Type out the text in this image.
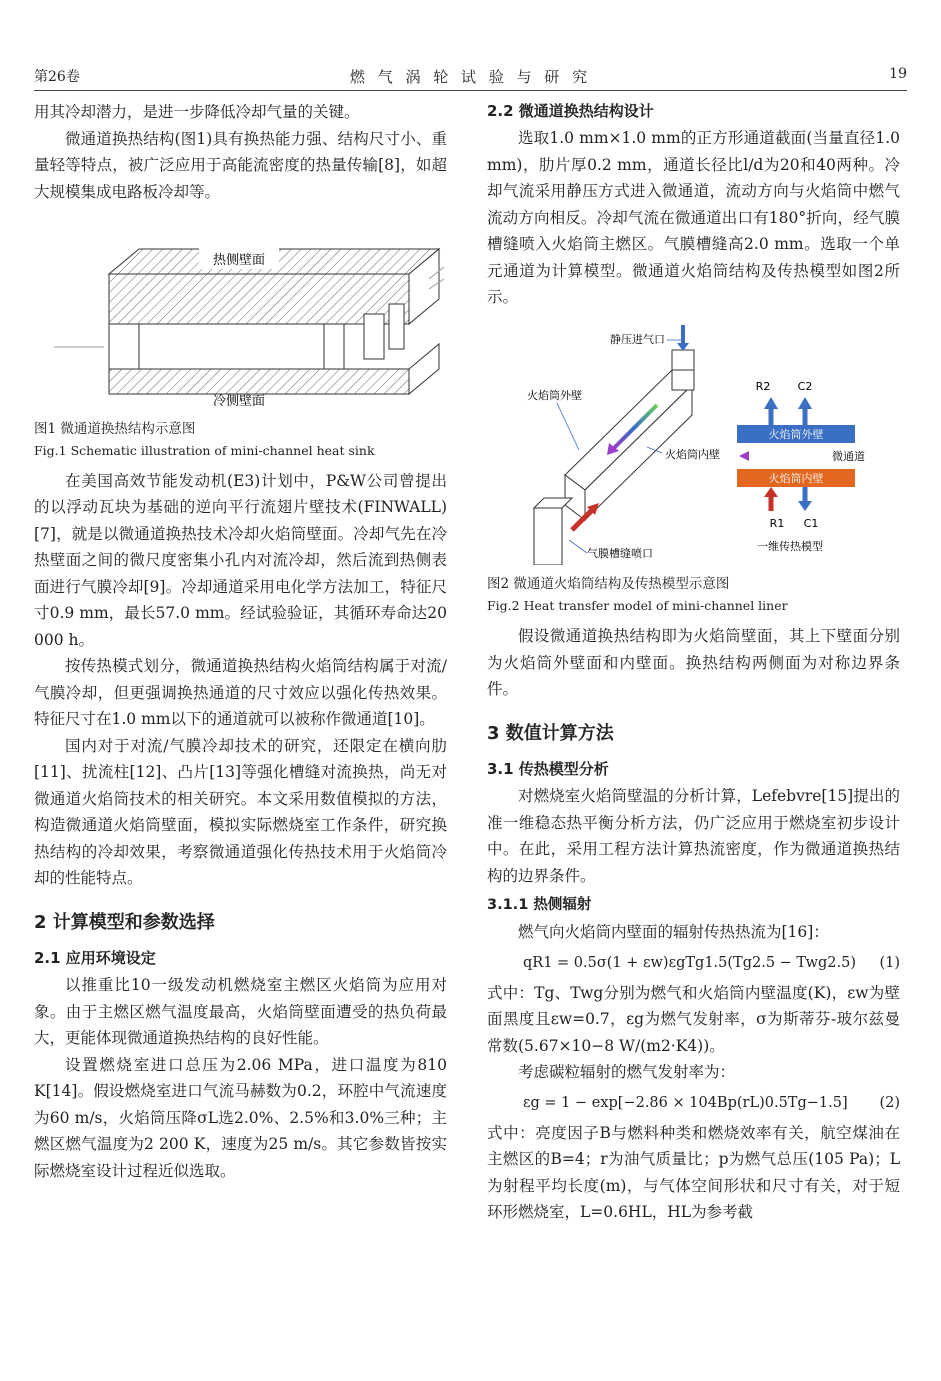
第26卷	燃 气 涡 轮 试 验 与 研 究	19

用其冷却潜力，是进一步降低冷却气量的关键。

微通道换热结构(图1)具有换热能力强、结构尺寸小、重量轻等特点，被广泛应用于高能流密度的热量传输[8]，如超大规模集成电路板冷却等。

热侧壁面
冷侧壁面

图1 微通道换热结构示意图

Fig.1 Schematic illustration of mini-channel heat sink

在美国高效节能发动机(E3)计划中，P&W公司曾提出的以浮动瓦块为基础的逆向平行流翅片壁技术(FINWALL)[7]，就是以微通道换热技术冷却火焰筒壁面。冷却气先在冷热壁面之间的微尺度密集小孔内对流冷却，然后流到热侧表面进行气膜冷却[9]。冷却通道采用电化学方法加工，特征尺寸0.9 mm，最长57.0 mm。经试验验证，其循环寿命达20 000 h。

按传热模式划分，微通道换热结构火焰筒结构属于对流/气膜冷却，但更强调换热通道的尺寸效应以强化传热效果。特征尺寸在1.0 mm以下的通道就可以被称作微通道[10]。

国内对于对流/气膜冷却技术的研究，还限定在横向肋[11]、扰流柱[12]、凸片[13]等强化槽缝对流换热，尚无对微通道火焰筒技术的相关研究。本文采用数值模拟的方法，构造微通道火焰筒壁面，模拟实际燃烧室工作条件，研究换热结构的冷却效果，考察微通道强化传热技术用于火焰筒冷却的性能特点。

2 计算模型和参数选择
2.1 应用环境设定

以推重比10一级发动机燃烧室主燃区火焰筒为应用对象。由于主燃区燃气温度最高，火焰筒壁面遭受的热负荷最大，更能体现微通道换热结构的良好性能。

设置燃烧室进口总压为2.06 MPa，进口温度为810 K[14]。假设燃烧室进口气流马赫数为0.2，环腔中气流速度为60 m/s，火焰筒压降σL选2.0%、2.5%和3.0%三种；主燃区燃气温度为2 200 K，速度为25 m/s。其它参数皆按实际燃烧室设计过程近似选取。

2.2 微通道换热结构设计

选取1.0 mm×1.0 mm的正方形通道截面(当量直径1.0 mm)，肋片厚0.2 mm，通道长径比l/d为20和40两种。冷却气流采用静压方式进入微通道，流动方向与火焰筒中燃气流动方向相反。冷却气流在微通道出口有180°折向，经气膜槽缝喷入火焰筒主燃区。气膜槽缝高2.0 mm。选取一个单元通道为计算模型。微通道火焰筒结构及传热模型如图2所示。

静压进气口
火焰筒外壁
火焰筒内壁
气膜槽缝喷口
R2 C2
火焰筒外壁
微通道
火焰筒内壁
R1 C1
一维传热模型

图2 微通道火焰筒结构及传热模型示意图

Fig.2 Heat transfer model of mini-channel liner

假设微通道换热结构即为火焰筒壁面，其上下壁面分别为火焰筒外壁面和内壁面。换热结构两侧面为对称边界条件。

3 数值计算方法
3.1 传热模型分析

对燃烧室火焰筒壁温的分析计算，Lefebvre[15]提出的准一维稳态热平衡分析方法，仍广泛应用于燃烧室初步设计中。在此，采用工程方法计算热流密度，作为微通道换热结构的边界条件。

3.1.1 热侧辐射

燃气向火焰筒内壁面的辐射传热热流为[16]：

qR1 = 0.5σ(1 + εw)εgTg1.5(Tg2.5 − Twg2.5) (1)

式中：Tg、Twg分别为燃气和火焰筒内壁温度(K)，εw为壁面黑度且εw=0.7，εg为燃气发射率，σ为斯蒂芬-玻尔兹曼常数(5.67×10−8 W/(m2·K4))。

考虑碳粒辐射的燃气发射率为：

εg = 1 − exp[−2.86 × 104Bp(rL)0.5Tg−1.5] (2)

式中：亮度因子B与燃料种类和燃烧效率有关，航空煤油在主燃区的B=4；r为油气质量比；p为燃气总压(105 Pa)；L为射程平均长度(m)，与气体空间形状和尺寸有关，对于短环形燃烧室，L=0.6HL，HL为参考截
